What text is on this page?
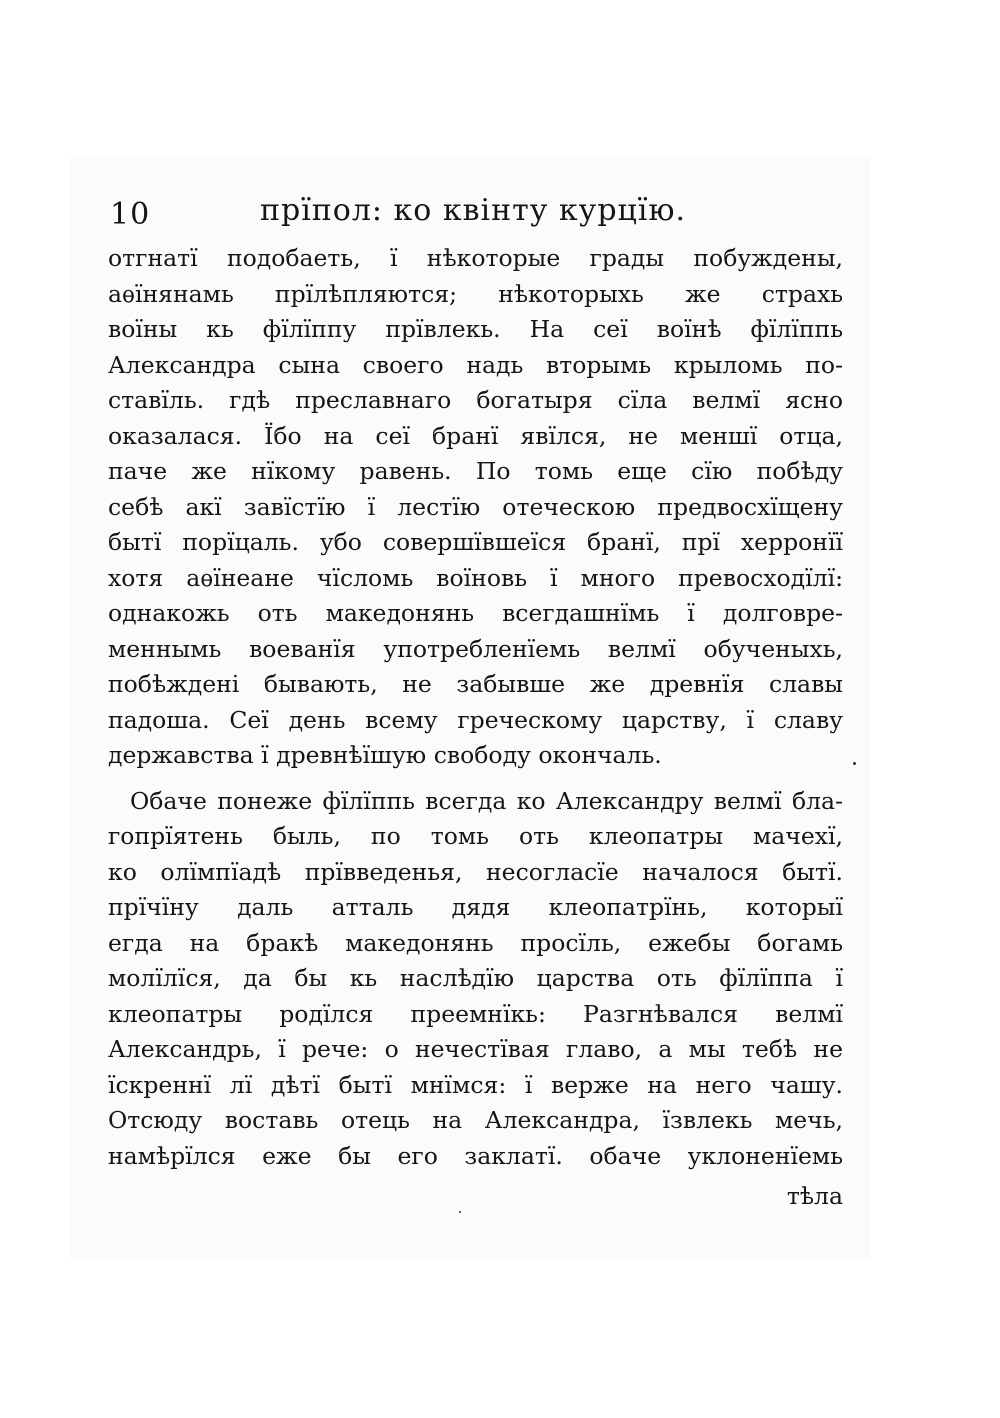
10	прїпол: ко квінту курцїю.
отгнатї подобаеть, ї нѣкоторые грады побуждены,
аѳїнянамь прїлѣпляются; нѣкоторыхь же страхь
воїны кь фїлїппу прївлекь. На сеї воїнѣ фїлїппь
Александра сына своего надь вторымь крыломь по-
ставїль. гдѣ преславнаго богатыря сїла велмї ясно
оказалася. Їбо на сеї бранї явїлся, не меншї отца,
паче же нїкому равень. По томь еще сїю побѣду
себѣ акї завїстїю ї лестїю отеческою предвосхїщену
бытї порїцаль. убо совершївшеїся бранї, прї херронїї
хотя аѳїнеане чїсломь воїновь ї много превосходїлї:
однакожь оть македонянь всегдашнїмь ї долговре-
меннымь воеванїя употребленїемь велмї обученыхь,
побѣждені бывають, не забывше же древнїя славы
падоша. Сеї день всему греческому царству, ї славу
державства ї древнѣїшую свободу окончаль.
Обаче понеже фїлїппь всегда ко Александру велмї бла-
гопрїятень быль, по томь оть клеопатры мачехї,
ко олїмпїадѣ прївведенья, несогласїе началося бытї.
прїчїну даль атталь дядя клеопатрїнь, которыї
егда на бракѣ македонянь просїль, ежебы богамь
молїлїся, да бы кь наслѣдїю царства оть фїлїппа ї
клеопатры родїлся преемнїкь: Разгнѣвался велмї
Александрь, ї рече: о нечестївая главо, а мы тебѣ не
їскреннї лї дѣтї бытї мнїмся: ї верже на него чашу.
Отсюду воставь отець на Александра, їзвлекь мечь,
намѣрїлся еже бы его заклатї. обаче уклоненїемь
тѣла
